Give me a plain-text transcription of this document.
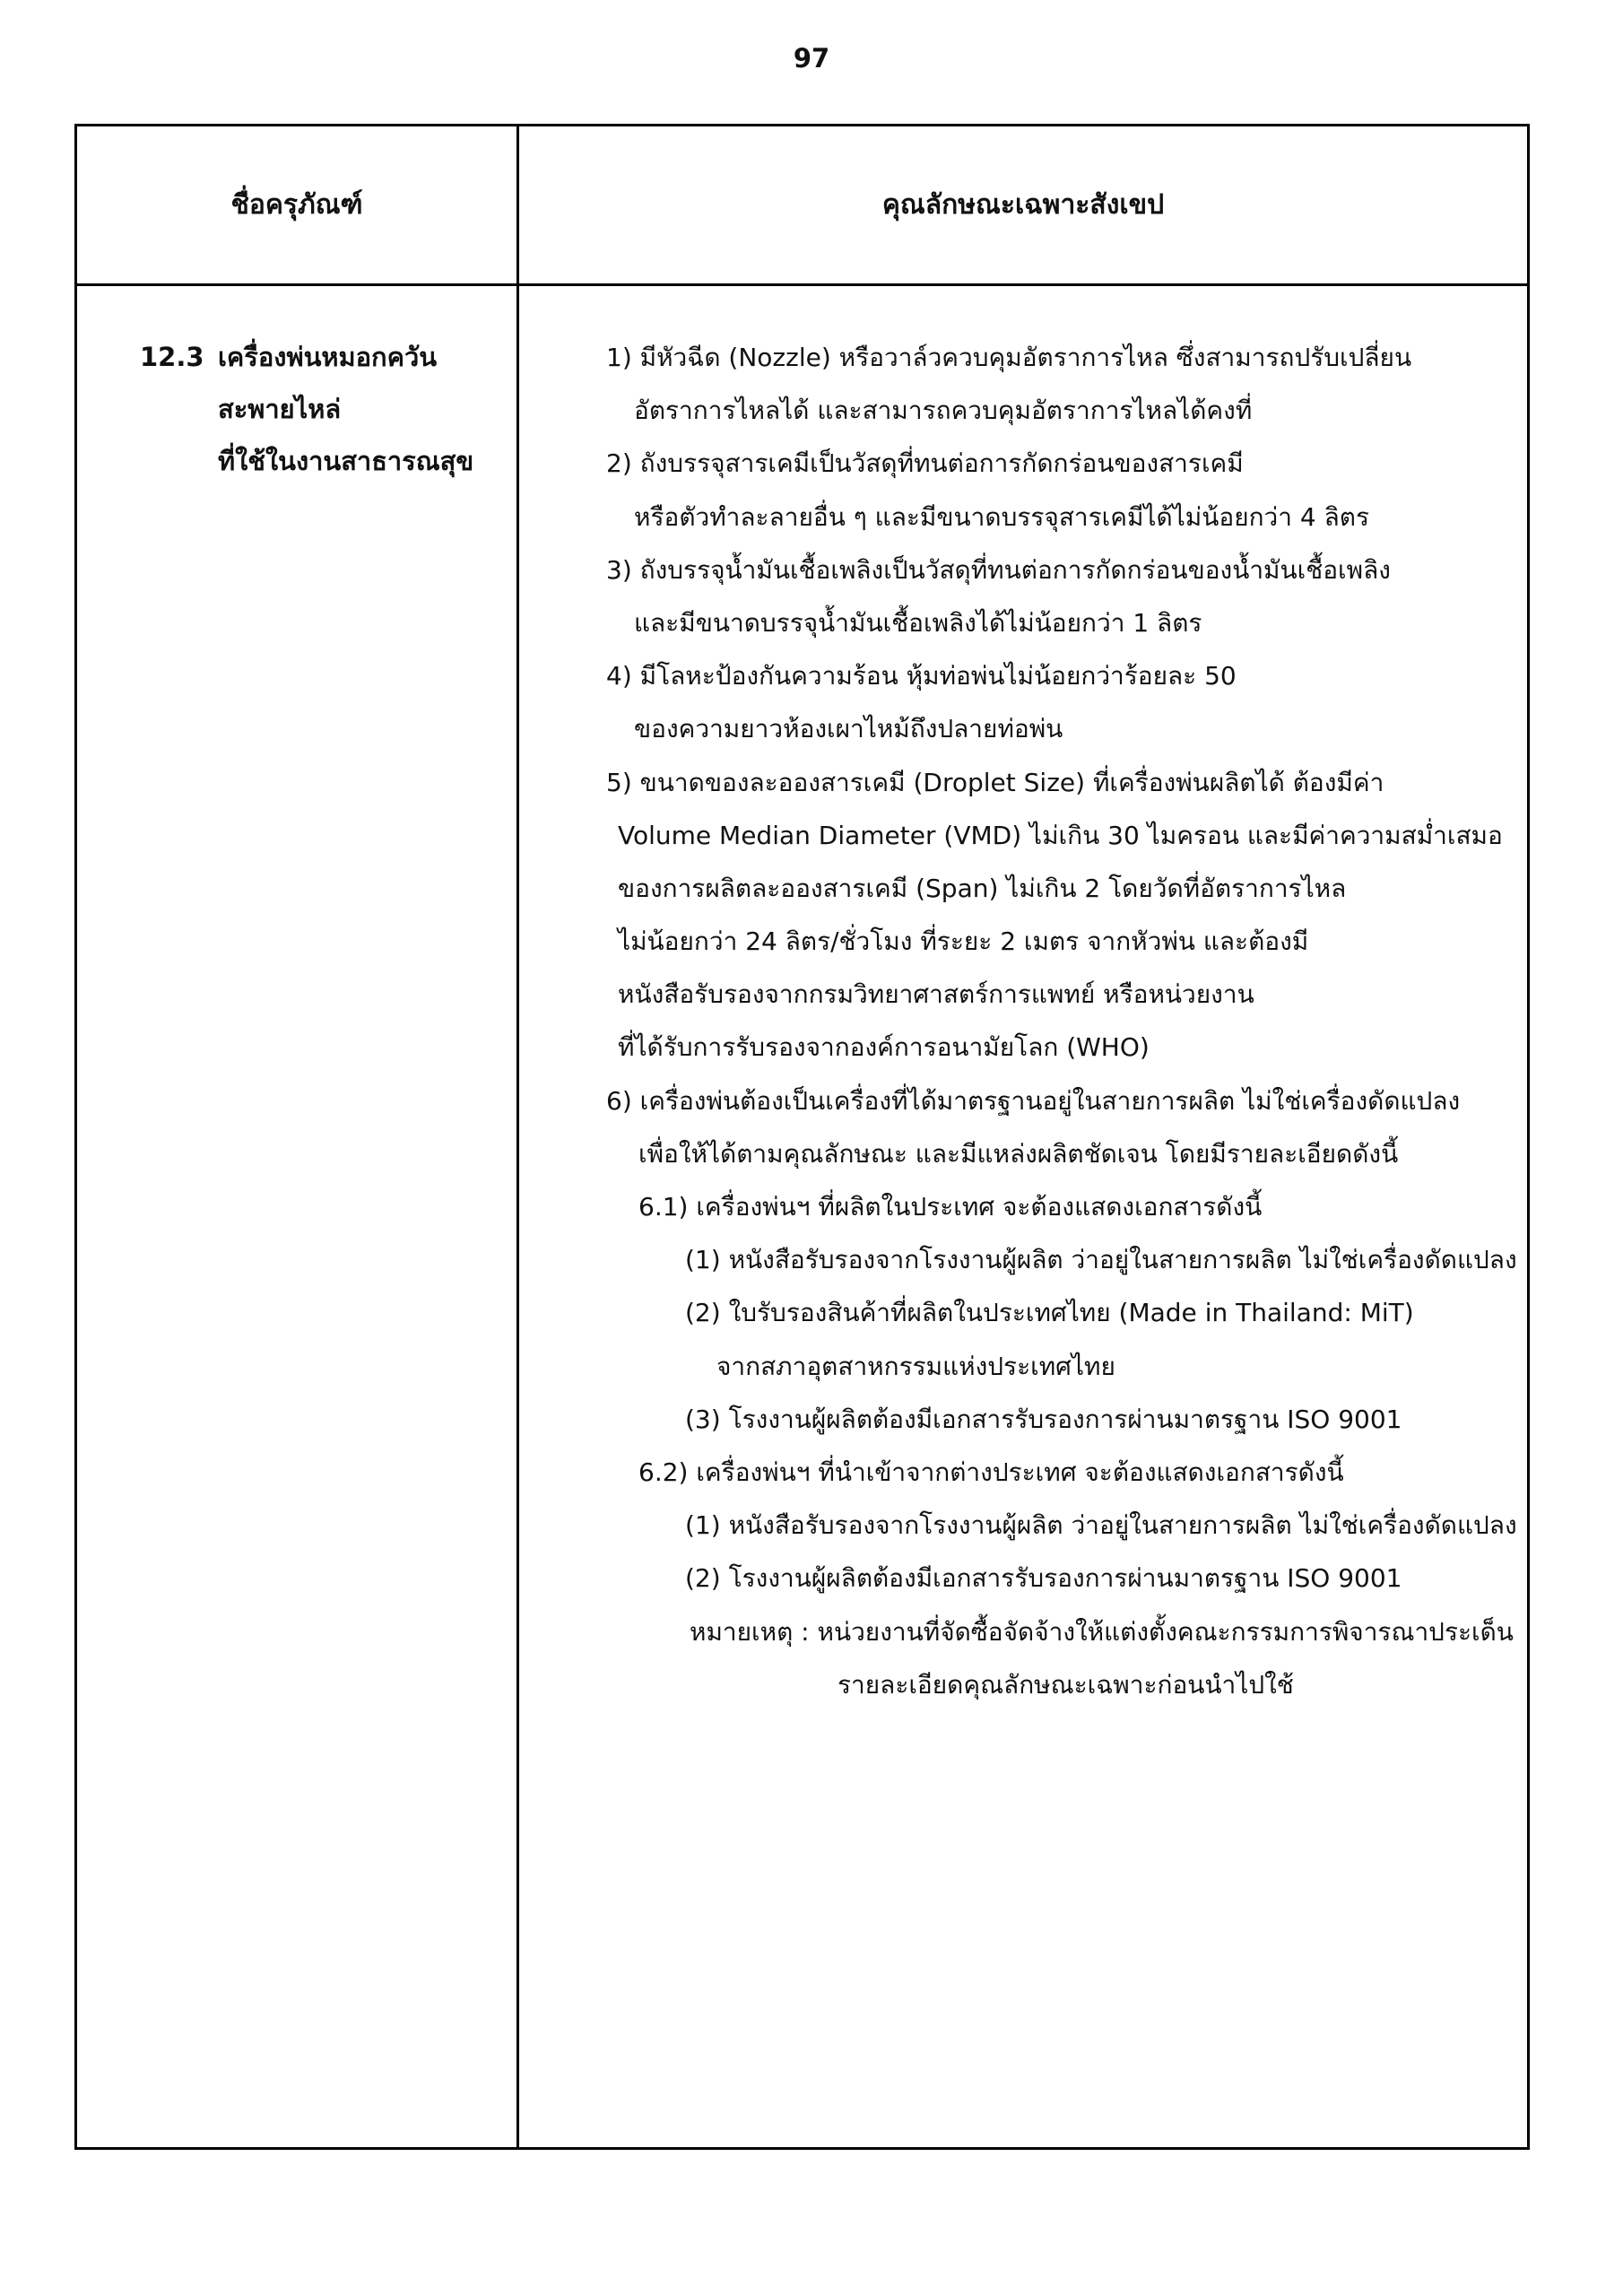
97
ชื่อครุภัณฑ์	คุณลักษณะเฉพาะสังเขป
12.3 เครื่องพ่นหมอกควัน
สะพายไหล่
ที่ใช้ในงานสาธารณสุข
1) มีหัวฉีด (Nozzle) หรือวาล์วควบคุมอัตราการไหล ซึ่งสามารถปรับเปลี่ยน
อัตราการไหลได้ และสามารถควบคุมอัตราการไหลได้คงที่
2) ถังบรรจุสารเคมีเป็นวัสดุที่ทนต่อการกัดกร่อนของสารเคมี
หรือตัวทำละลายอื่น ๆ และมีขนาดบรรจุสารเคมีได้ไม่น้อยกว่า 4 ลิตร
3) ถังบรรจุน้ำมันเชื้อเพลิงเป็นวัสดุที่ทนต่อการกัดกร่อนของน้ำมันเชื้อเพลิง
และมีขนาดบรรจุน้ำมันเชื้อเพลิงได้ไม่น้อยกว่า 1 ลิตร
4) มีโลหะป้องกันความร้อน หุ้มท่อพ่นไม่น้อยกว่าร้อยละ 50
ของความยาวห้องเผาไหม้ถึงปลายท่อพ่น
5) ขนาดของละอองสารเคมี (Droplet Size) ที่เครื่องพ่นผลิตได้ ต้องมีค่า
Volume Median Diameter (VMD) ไม่เกิน 30 ไมครอน และมีค่าความสม่ำเสมอ
ของการผลิตละอองสารเคมี (Span) ไม่เกิน 2 โดยวัดที่อัตราการไหล
ไม่น้อยกว่า 24 ลิตร/ชั่วโมง ที่ระยะ 2 เมตร จากหัวพ่น และต้องมี
หนังสือรับรองจากกรมวิทยาศาสตร์การแพทย์ หรือหน่วยงาน
ที่ได้รับการรับรองจากองค์การอนามัยโลก (WHO)
6) เครื่องพ่นต้องเป็นเครื่องที่ได้มาตรฐานอยู่ในสายการผลิต ไม่ใช่เครื่องดัดแปลง
เพื่อให้ได้ตามคุณลักษณะ และมีแหล่งผลิตชัดเจน โดยมีรายละเอียดดังนี้
6.1) เครื่องพ่นฯ ที่ผลิตในประเทศ จะต้องแสดงเอกสารดังนี้
(1) หนังสือรับรองจากโรงงานผู้ผลิต ว่าอยู่ในสายการผลิต ไม่ใช่เครื่องดัดแปลง
(2) ใบรับรองสินค้าที่ผลิตในประเทศไทย (Made in Thailand: MiT)
จากสภาอุตสาหกรรมแห่งประเทศไทย
(3) โรงงานผู้ผลิตต้องมีเอกสารรับรองการผ่านมาตรฐาน ISO 9001
6.2) เครื่องพ่นฯ ที่นำเข้าจากต่างประเทศ จะต้องแสดงเอกสารดังนี้
(1) หนังสือรับรองจากโรงงานผู้ผลิต ว่าอยู่ในสายการผลิต ไม่ใช่เครื่องดัดแปลง
(2) โรงงานผู้ผลิตต้องมีเอกสารรับรองการผ่านมาตรฐาน ISO 9001
หมายเหตุ : หน่วยงานที่จัดซื้อจัดจ้างให้แต่งตั้งคณะกรรมการพิจารณาประเด็น
รายละเอียดคุณลักษณะเฉพาะก่อนนำไปใช้
